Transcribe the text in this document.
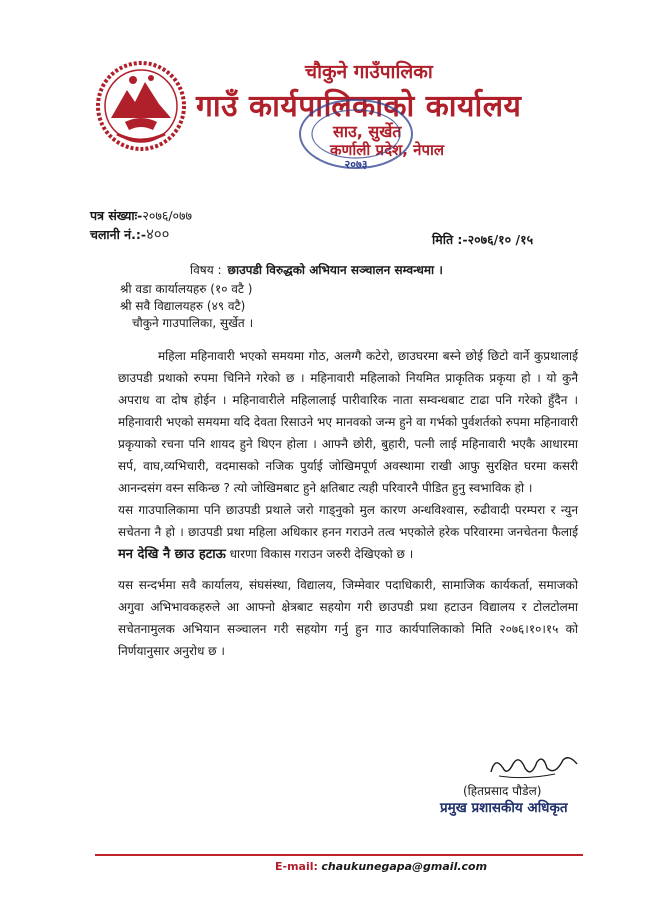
चौकुने गाउँपालिका
गाउँ कार्यपालिकाको कार्यालय
साउ, सुर्खेत
कर्णाली प्रदेश, नेपाल
२०७३
पत्र संख्याः-२०७६/०७७
चलानी नं.:-४००	मिति :-२०७६/१० /१५
विषय : छाउपडी विरुद्धको अभियान सञ्चालन सम्वन्धमा ।
श्री वडा कार्यालयहरु (१० वटै )
श्री सवै विद्यालयहरु (४९ वटै)
चौकुने गाउपालिका, सुर्खेत ।

महिला महिनावारी भएको समयमा गोठ, अलग्गै कटेरो, छाउघरमा बस्ने छोई छिटो वार्ने कुप्रथालाई छाउपडी प्रथाको रुपमा चिनिने गरेको छ । महिनावारी महिलाको नियमित प्राकृतिक प्रकृया हो । यो कुनै अपराध वा दोष होईन । महिनावारीले महिलालाई पारीवारिक नाता सम्वन्धबाट टाढा पनि गरेको हुँदैन । महिनावारी भएको समयमा यदि देवता रिसाउने भए मानवको जन्म हुने वा गर्भको पुर्वशर्तको रुपमा महिनावारी प्रकृयाको रचना पनि शायद हुने थिएन होला । आफ्नै छोरी, बुहारी, पत्नी लाई महिनावारी भएकै आधारमा सर्प, वाघ,व्यभिचारी, वदमासको नजिक पुर्याई जोखिमपूर्ण अवस्थामा राखी आफु सुरक्षित घरमा कसरी आनन्दसंग वस्न सकिन्छ ? त्यो जोखिमबाट हुने क्षतिबाट त्यही परिवारनै पीडित हुनु स्वभाविक हो ।

यस गाउपालिकामा पनि छाउपडी प्रथाले जरो गाड्नुको मुल कारण अन्धविश्वास, रुढीवादी परम्परा र न्युन सचेतना नै हो । छाउपडी प्रथा महिला अधिकार हनन गराउने तत्व भएकोले हरेक परिवारमा जनचेतना फैलाई मन देखि नै छाउ हटाऊ धारणा विकास गराउन जरुरी देखिएको छ ।

यस सन्दर्भमा सवै कार्यालय, संघसंस्था, विद्यालय, जिम्मेवार पदाधिकारी, सामाजिक कार्यकर्ता, समाजको अगुवा अभिभावकहरुले आ आफ्नो क्षेत्रबाट सहयोग गरी छाउपडी प्रथा हटाउन विद्यालय र टोलटोलमा सचेतनामुलक अभियान सञ्चालन गरी सहयोग गर्नु हुन गाउ कार्यपालिकाको मिति २०७६।१०।१५ को निर्णयानुसार अनुरोध छ ।

(हितप्रसाद पौडेल)
प्रमुख प्रशासकीय अधिकृत
E-mail: chaukunegapa@gmail.com
